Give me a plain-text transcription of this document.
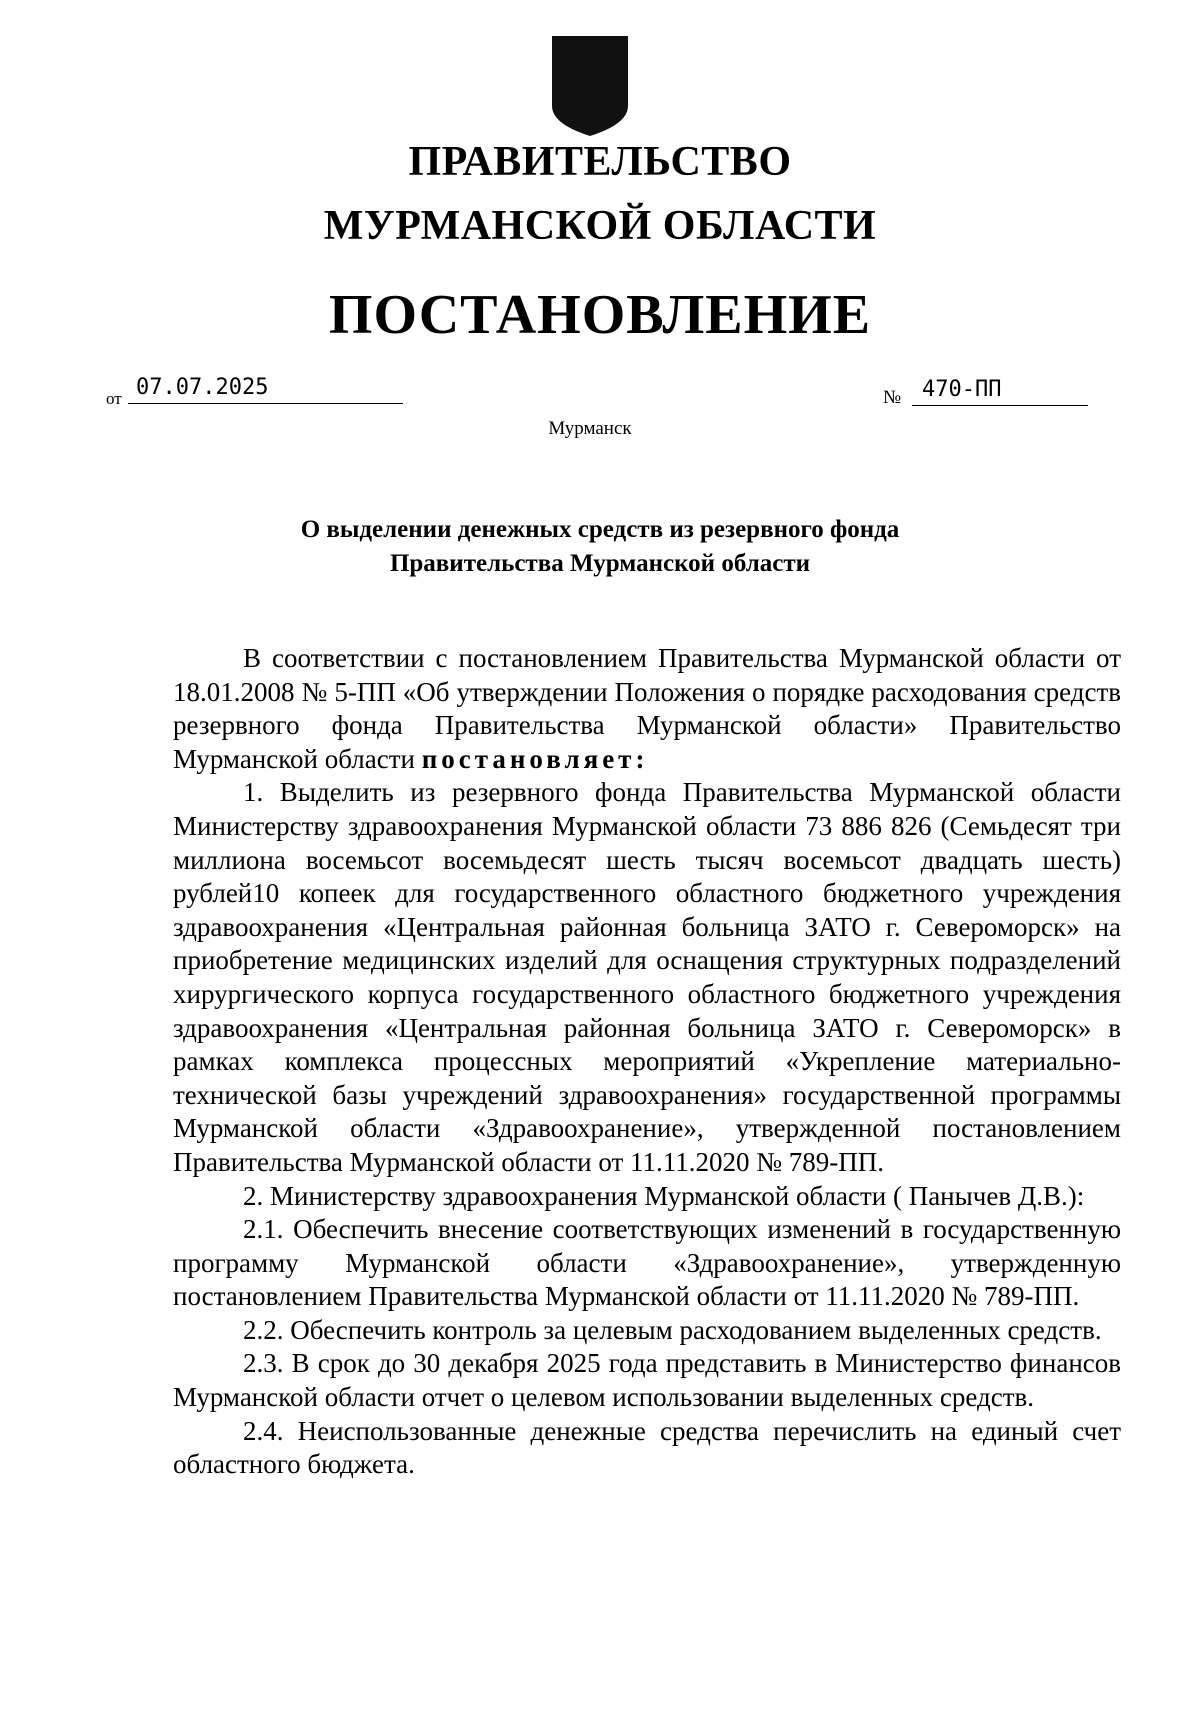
ПРАВИТЕЛЬСТВО
МУРМАНСКОЙ ОБЛАСТИ
ПОСТАНОВЛЕНИЕ
от 07.07.2025	№ 470-ПП
Мурманск
О выделении денежных средств из резервного фонда
Правительства Мурманской области

В соответствии с постановлением Правительства Мурманской области от 18.01.2008 № 5-ПП «Об утверждении Положения о порядке расходования средств резервного фонда Правительства Мурманской области» Правительство Мурманской области постановляет:

1. Выделить из резервного фонда Правительства Мурманской области Министерству здравоохранения Мурманской области 73 886 826 (Семьдесят три миллиона восемьсот восемьдесят шесть тысяч восемьсот двадцать шесть) рублей10 копеек для государственного областного бюджетного учреждения здравоохранения «Центральная районная больница ЗАТО г. Североморск» на приобретение медицинских изделий для оснащения структурных подразделений хирургического корпуса государственного областного бюджетного учреждения здравоохранения «Центральная районная больница ЗАТО г. Североморск» в рамках комплекса процессных мероприятий «Укрепление материально-технической базы учреждений здравоохранения» государственной программы Мурманской области «Здравоохранение», утвержденной постановлением Правительства Мурманской области от 11.11.2020 № 789-ПП.

2. Министерству здравоохранения Мурманской области ( Панычев Д.В.):

2.1. Обеспечить внесение соответствующих изменений в государственную программу Мурманской области «Здравоохранение», утвержденную постановлением Правительства Мурманской области от 11.11.2020 № 789-ПП.

2.2. Обеспечить контроль за целевым расходованием выделенных средств.

2.3. В срок до 30 декабря 2025 года представить в Министерство финансов Мурманской области отчет о целевом использовании выделенных средств.

2.4. Неиспользованные денежные средства перечислить на единый счет областного бюджета.
